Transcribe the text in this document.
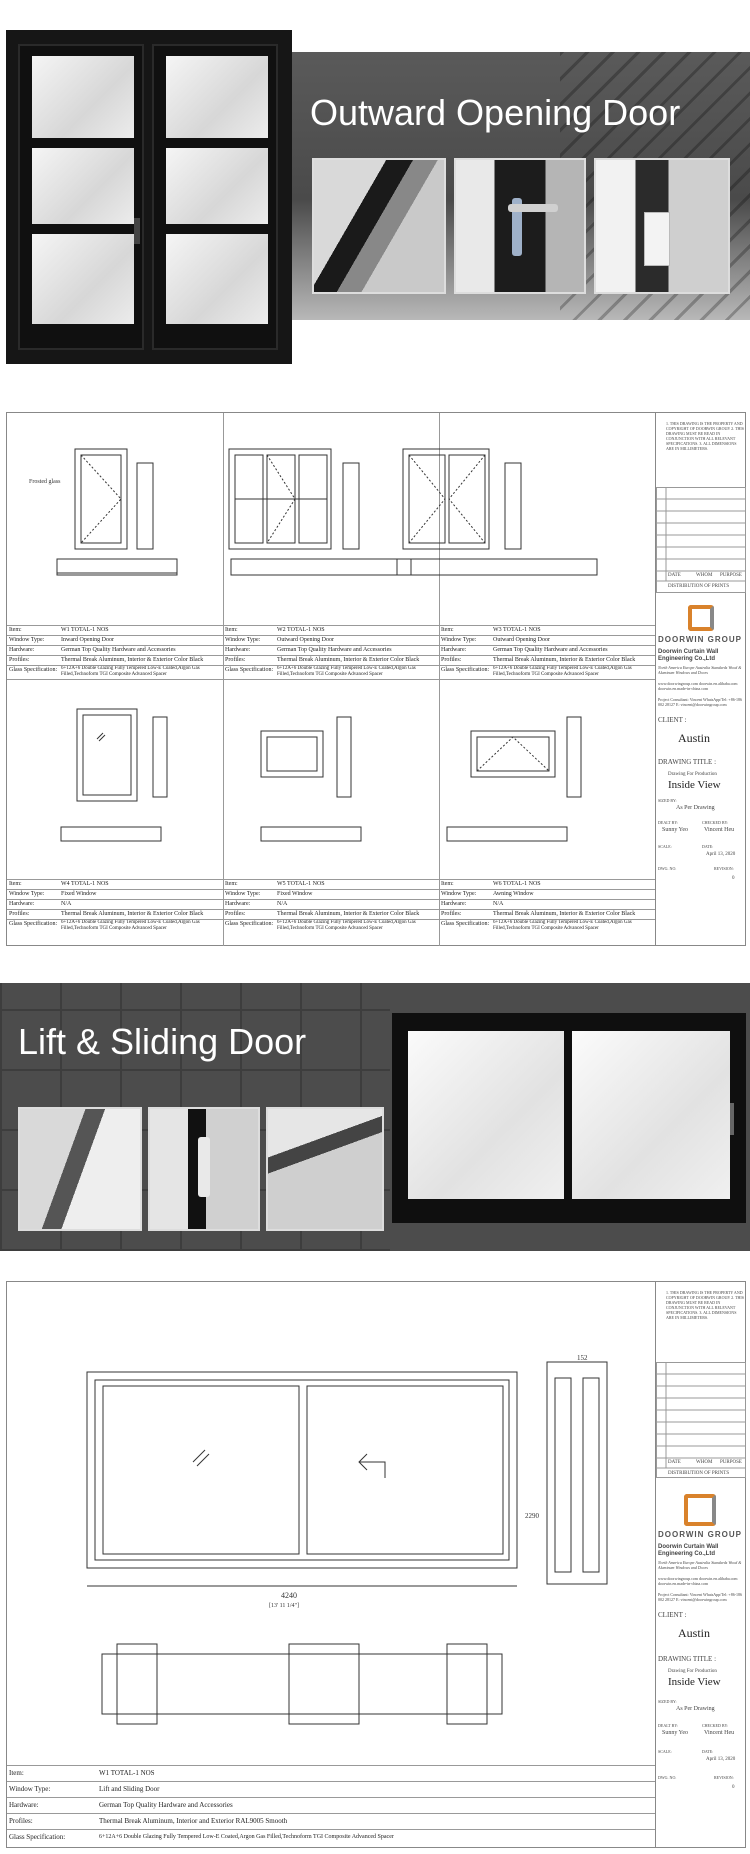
Outward Opening Door
Frosted glass
1. THIS DRAWING IS THE PROPERTY AND COPYRIGHT OF DOORWIN GROUP. 2. THIS DRAWING MUST BE READ IN CONJUNCTION WITH ALL RELEVANT SPECIFICATIONS. 3. ALL DIMENSIONS ARE IN MILLIMETERS.
DATE	WHOM PURPOSE
DISTRIBUTION OF PRINTS
DOORWIN GROUP
Doorwin Curtain Wall Engineering Co.,Ltd
North America Europe Australia Standards Wood & Aluminum Windows and Doors
www.doorwingroup.com doorwin.en.alibaba.com doorwin.en.made-in-china.com
Project Consultant: Vincent WhatsApp/Tel: +86-186 002 28127 E: vincent@doorwingroup.com
CLIENT :
Austin
DRAWING TITLE :
Drawing For Production
Inside View
SIZED BY:
As Per Drawing
DEALT BY:
Sunny Yeo
CHECKED BY:
Vincent Heu
SCALE:	DATE:
April 13, 2020
DWG. NO.	REVISION:
0
Item:	W1 TOTAL-1 NOS
Window Type:	Inward Opening Door
Hardware:	German Top Quality Hardware and Accessories
Profiles:	Thermal Break Aluminum, Interior & Exterior Color Black
Glass Specification: 6+12A+6 Double Glazing Fully Tempered Low-E Coated,Argon Gas Filled,Technoform TGI Composite Advanced Spacer
Item:	W2 TOTAL-1 NOS
Window Type:	Outward Opening Door
Hardware:	German Top Quality Hardware and Accessories
Profiles:	Thermal Break Aluminum, Interior & Exterior Color Black
Glass Specification: 6+12A+6 Double Glazing Fully Tempered Low-E Coated,Argon Gas Filled,Technoform TGI Composite Advanced Spacer
Item:	W3 TOTAL-1 NOS
Window Type:	Outward Opening Door
Hardware:	German Top Quality Hardware and Accessories
Profiles:	Thermal Break Aluminum, Interior & Exterior Color Black
Glass Specification: 6+12A+6 Double Glazing Fully Tempered Low-E Coated,Argon Gas Filled,Technoform TGI Composite Advanced Spacer
Item:	W4 TOTAL-1 NOS
Window Type:	Fixed Window
Hardware:	N/A
Profiles:	Thermal Break Aluminum, Interior & Exterior Color Black
Glass Specification: 6+12A+6 Double Glazing Fully Tempered Low-E Coated,Argon Gas Filled,Technoform TGI Composite Advanced Spacer
Item:	W5 TOTAL-1 NOS
Window Type:	Fixed Window
Hardware:	N/A
Profiles:	Thermal Break Aluminum, Interior & Exterior Color Black
Glass Specification: 6+12A+6 Double Glazing Fully Tempered Low-E Coated,Argon Gas Filled,Technoform TGI Composite Advanced Spacer
Item:	W6 TOTAL-1 NOS
Window Type:	Awning Window
Hardware:	N/A
Profiles:	Thermal Break Aluminum, Interior & Exterior Color Black
Glass Specification: 6+12A+6 Double Glazing Fully Tempered Low-E Coated,Argon Gas Filled,Technoform TGI Composite Advanced Spacer
Lift & Sliding Door
4240
[13' 11 1/4"]
2290
152
Item:	W1 TOTAL-1 NOS
Window Type:	Lift and Sliding Door
Hardware:	German Top Quality Hardware and Accessories
Profiles:	Thermal Break Aluminum, Interior and Exterior RAL9005 Smooth
Glass Specification:	6+12A+6 Double Glazing Fully Tempered Low-E Coated,Argon Gas Filled,Technoform TGI Composite Advanced Spacer
1. THIS DRAWING IS THE PROPERTY AND COPYRIGHT OF DOORWIN GROUP. 2. THIS DRAWING MUST BE READ IN CONJUNCTION WITH ALL RELEVANT SPECIFICATIONS. 3. ALL DIMENSIONS ARE IN MILLIMETERS.
DATE	WHOM PURPOSE
DISTRIBUTION OF PRINTS
DOORWIN GROUP
Doorwin Curtain Wall Engineering Co.,Ltd
North America Europe Australia Standards Wood & Aluminum Windows and Doors
www.doorwingroup.com doorwin.en.alibaba.com doorwin.en.made-in-china.com
Project Consultant: Vincent WhatsApp/Tel: +86-186 002 28127 E: vincent@doorwingroup.com
CLIENT :
Austin
DRAWING TITLE :
Drawing For Production
Inside View
SIZED BY:
As Per Drawing
DEALT BY:
Sunny Yeo
CHECKED BY:
Vincent Heu
SCALE:	DATE:
April 13, 2020
DWG. NO.	REVISION:
0
